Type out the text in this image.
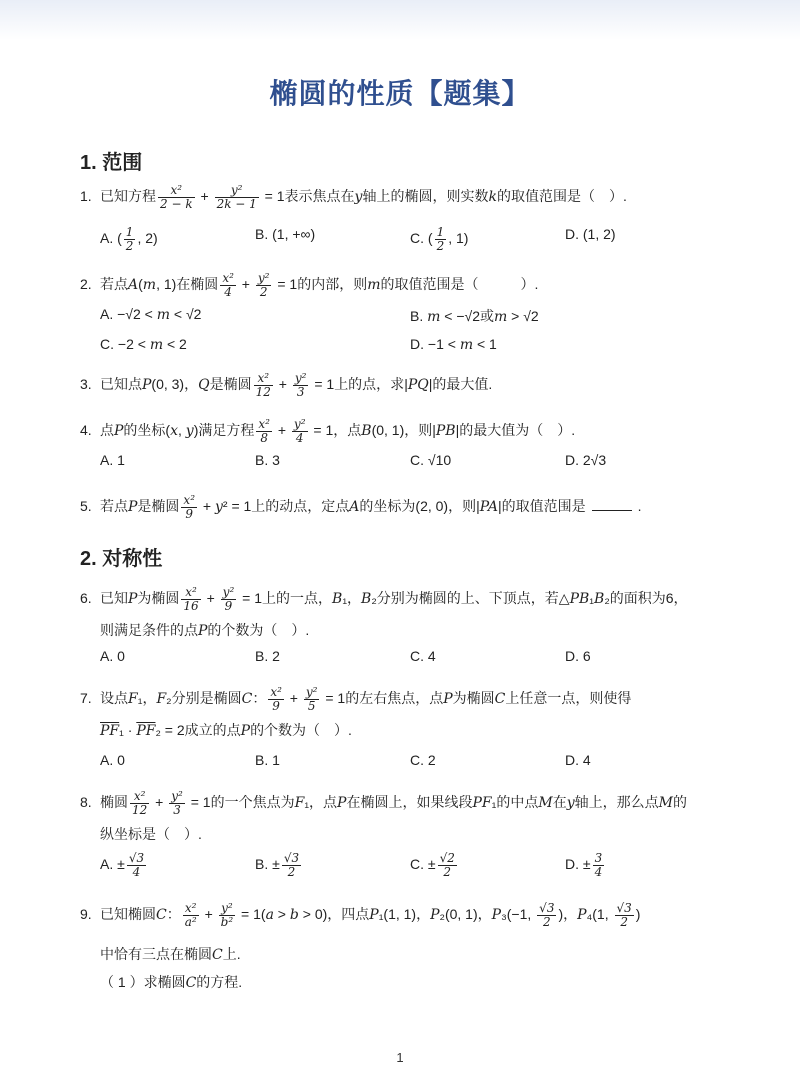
椭圆的性质【题集】
1. 范围
1. 已知方程 $\frac{\text{x²}}{2 - k} + \frac{\text{y²}}{2k - 1} = 1$表示焦点在y轴上的椭圆，则实数k的取值范围是（　）.
A. ( $\frac{1}{2}$ , 2)	B. (1, +∞)	C. ( $\frac{1}{2}$ , 1)	D. (1, 2)
2. 若点A(m, 1)在椭圆 $\frac{\text{x²}}{4} + \frac{\text{y²}}{2} = 1$的内部，则m的取值范围是（　　　）.
A. −√2 < m < √2	B. m < −√2或m > √2
C. −2 < m < 2	D. −1 < m < 1
3. 已知点P(0, 3)，Q是椭圆 $\frac{\text{x²}}{12} + \frac{\text{y²}}{3} = 1$上的点，求|PQ|的最大值.
4. 点P的坐标(x, y)满足方程 $\frac{\text{x²}}{8} + \frac{\text{y²}}{4} = 1$，点B(0, 1)，则|PB|的最大值为（　）.
A. 1	B. 3	C. √10	D. 2√3
5. 若点P是椭圆 $\frac{\text{x²}}{9} + y^2 = 1$上的动点，定点A的坐标为(2, 0)，则|PA|的取值范围是	.
2. 对称性
6. 已知P为椭圆 $\frac{\text{x²}}{16} + \frac{\text{y²}}{9} = 1$上的一点，B₁，B₂分别为椭圆的上、下顶点，若△PB₁B₂的面积为6，
则满足条件的点P的个数为（　）.
A. 0	B. 2	C. 4	D. 6
7. 设点F₁，F₂分别是椭圆C： $\frac{\text{x²}}{9} + \frac{\text{y²}}{5} = 1$的左右焦点，点P为椭圆C上任意一点，则使得
$\overline{PF}_1 \cdot \overline{PF}_2 = 2$成立的点P的个数为（　）.
A. 0	B. 1	C. 2	D. 4
8. 椭圆 $\frac{\text{x²}}{12} + \frac{\text{y²}}{3} = 1$的一个焦点为F₁，点P在椭圆上，如果线段PF₁的中点M在y轴上，那么点M的
纵坐标是（　）.
A. ± $\frac{√3}{4}$	B. ± $\frac{√3}{2}$	C. ± $\frac{√2}{2}$	D. ± $\frac{3}{4}$
9. 已知椭圆C： $\frac{\text{x²}}{\text{a²}} + \frac{\text{y²}}{\text{b²}} = 1(a > b > 0)$，四点P₁(1, 1)，P₂(0, 1)，P₃(−1, $\frac{√3}{2}$ )，P₄(1, $\frac{√3}{2}$ )
中恰有三点在椭圆C上.
（ 1 ）求椭圆C的方程.
1
